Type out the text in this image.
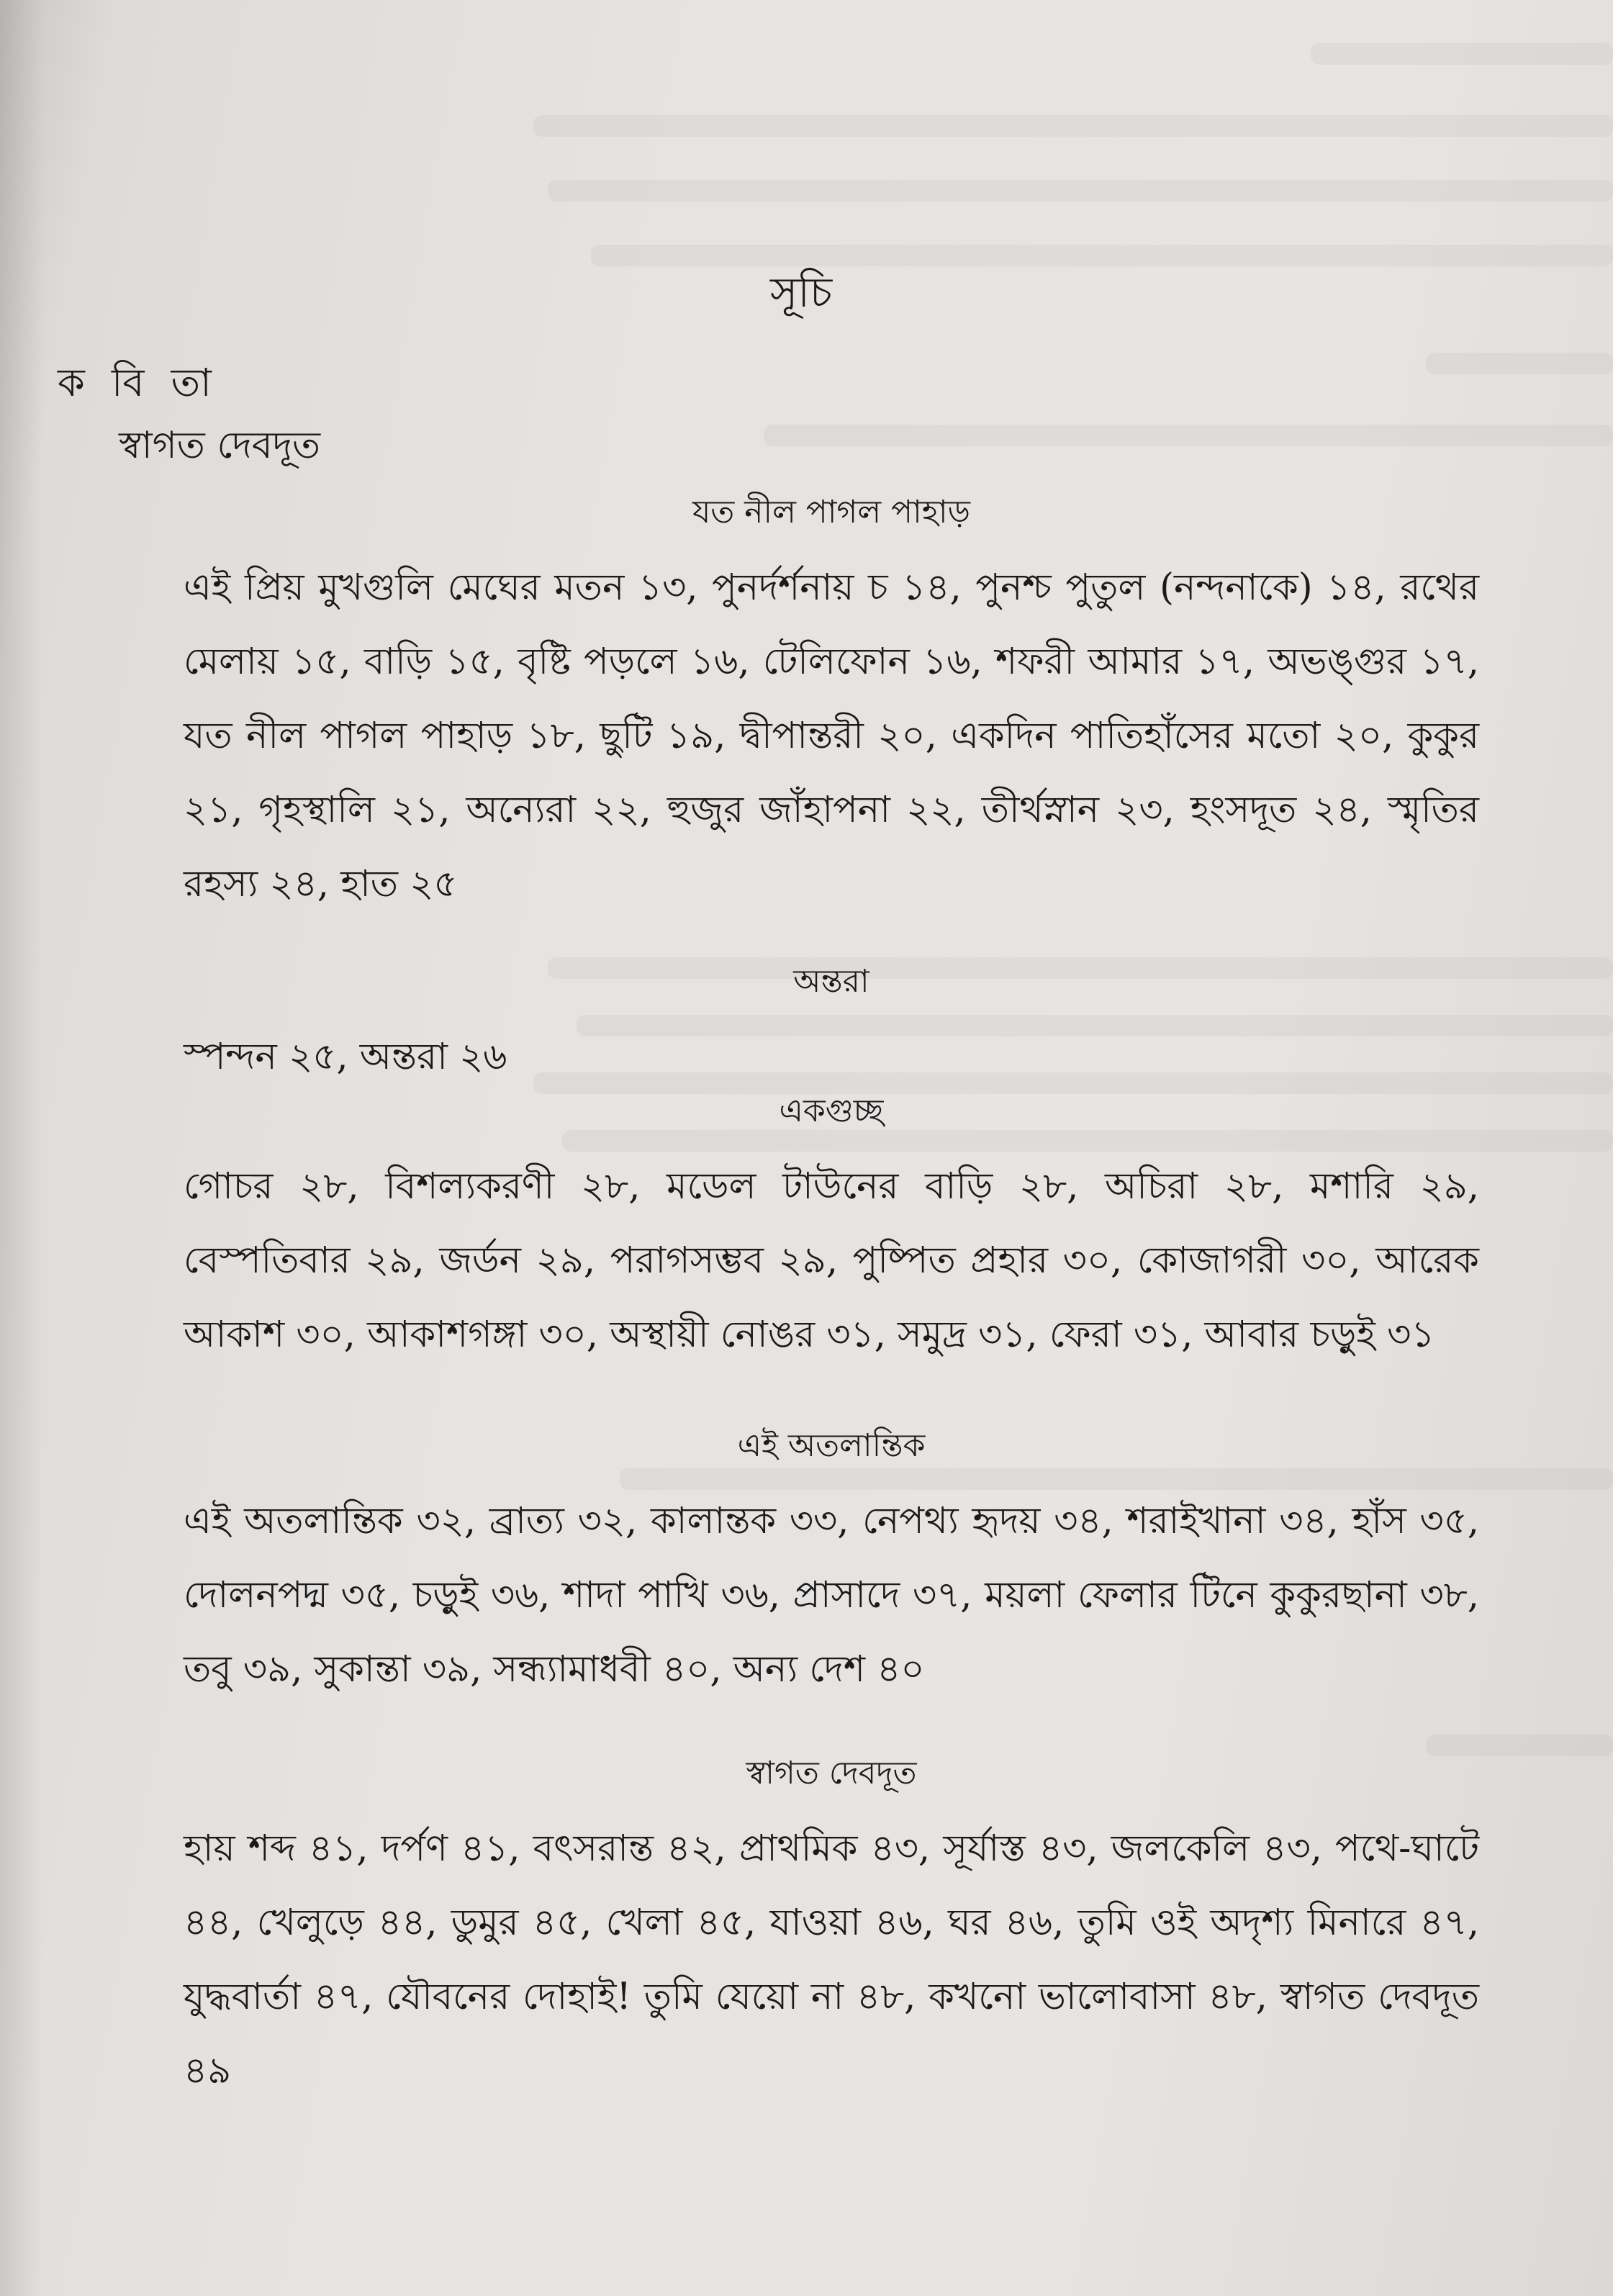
সূচি

ক বি তা

স্বাগত দেবদূত

যত নীল পাগল পাহাড়

এই প্রিয় মুখগুলি মেঘের মতন ১৩, পুনর্দর্শনায় চ ১৪, পুনশ্চ পুতুল (নন্দনাকে) ১৪, রথের মেলায় ১৫, বাড়ি ১৫, বৃষ্টি পড়লে ১৬, টেলিফোন ১৬, শফরী আমার ১৭, অভঙ্গুর ১৭, যত নীল পাগল পাহাড় ১৮, ছুটি ১৯, দ্বীপান্তরী ২০, একদিন পাতিহাঁসের মতো ২০, কুকুর ২১, গৃহস্থালি ২১, অন্যেরা ২২, হুজুর জাঁহাপনা ২২, তীর্থস্নান ২৩, হংসদূত ২৪, স্মৃতির রহস্য ২৪, হাত ২৫

অন্তরা

স্পন্দন ২৫, অন্তরা ২৬

একগুচ্ছ

গোচর ২৮, বিশল্যকরণী ২৮, মডেল টাউনের বাড়ি ২৮, অচিরা ২৮, মশারি ২৯, বেস্পতিবার ২৯, জর্ডন ২৯, পরাগসম্ভব ২৯, পুষ্পিত প্রহার ৩০, কোজাগরী ৩০, আরেক আকাশ ৩০, আকাশগঙ্গা ৩০, অস্থায়ী নোঙর ৩১, সমুদ্র ৩১, ফেরা ৩১, আবার চড়ুই ৩১

এই অতলান্তিক

এই অতলান্তিক ৩২, ব্রাত্য ৩২, কালান্তক ৩৩, নেপথ্য হৃদয় ৩৪, শরাইখানা ৩৪, হাঁস ৩৫, দোলনপদ্ম ৩৫, চড়ুই ৩৬, শাদা পাখি ৩৬, প্রাসাদে ৩৭, ময়লা ফেলার টিনে কুকুরছানা ৩৮, তবু ৩৯, সুকান্তা ৩৯, সন্ধ্যামাধবী ৪০, অন্য দেশ ৪০

স্বাগত দেবদূত

হায় শব্দ ৪১, দর্পণ ৪১, বৎসরান্ত ৪২, প্রাথমিক ৪৩, সূর্যাস্ত ৪৩, জলকেলি ৪৩, পথে-ঘাটে ৪৪, খেলুড়ে ৪৪, ডুমুর ৪৫, খেলা ৪৫, যাওয়া ৪৬, ঘর ৪৬, তুমি ওই অদৃশ্য মিনারে ৪৭, যুদ্ধবার্তা ৪৭, যৌবনের দোহাই! তুমি যেয়ো না ৪৮, কখনো ভালোবাসা ৪৮, স্বাগত দেবদূত ৪৯
